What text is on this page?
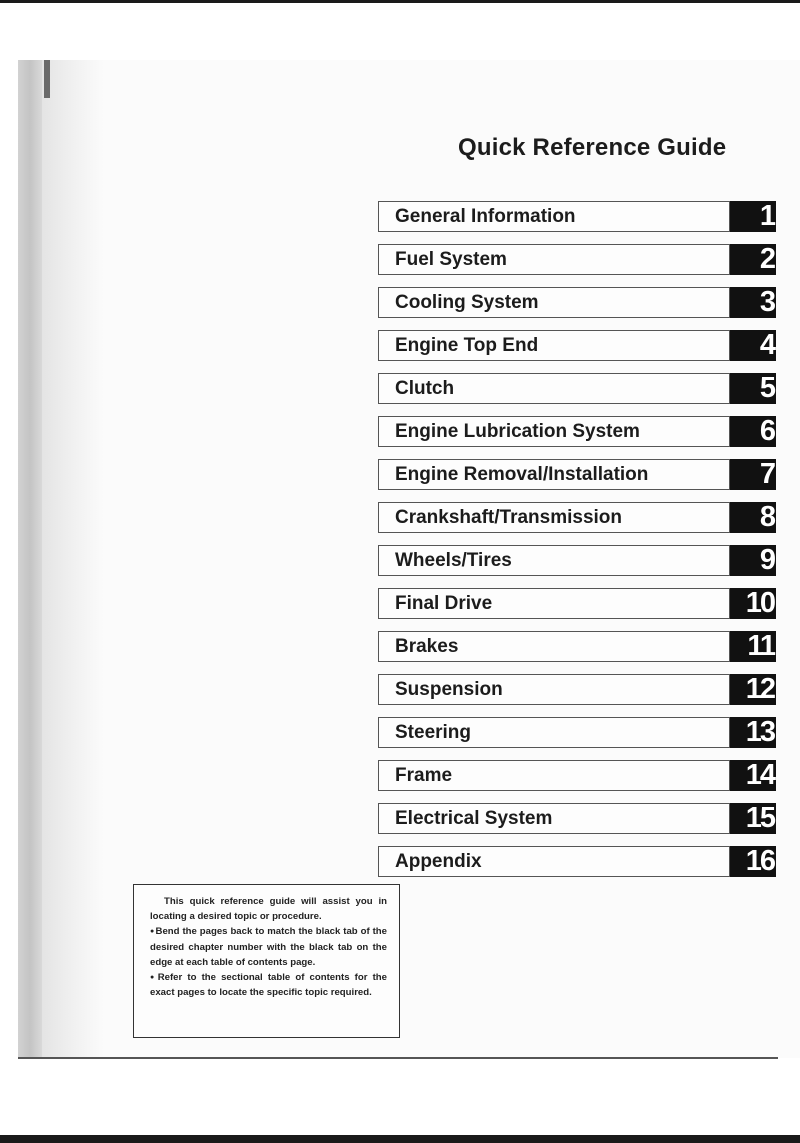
Quick Reference Guide
General Information	1
Fuel System	2
Cooling System	3
Engine Top End	4
Clutch	5
Engine Lubrication System	6
Engine Removal/Installation	7
Crankshaft/Transmission	8
Wheels/Tires	9
Final Drive	10
Brakes	11
Suspension	12
Steering	13
Frame	14
Electrical System	15
Appendix	16

This quick reference guide will assist you in locating a desired topic or procedure.

● Bend the pages back to match the black tab of the desired chapter number with the black tab on the edge at each table of contents page.

● Refer to the sectional table of contents for the exact pages to locate the specific topic required.
